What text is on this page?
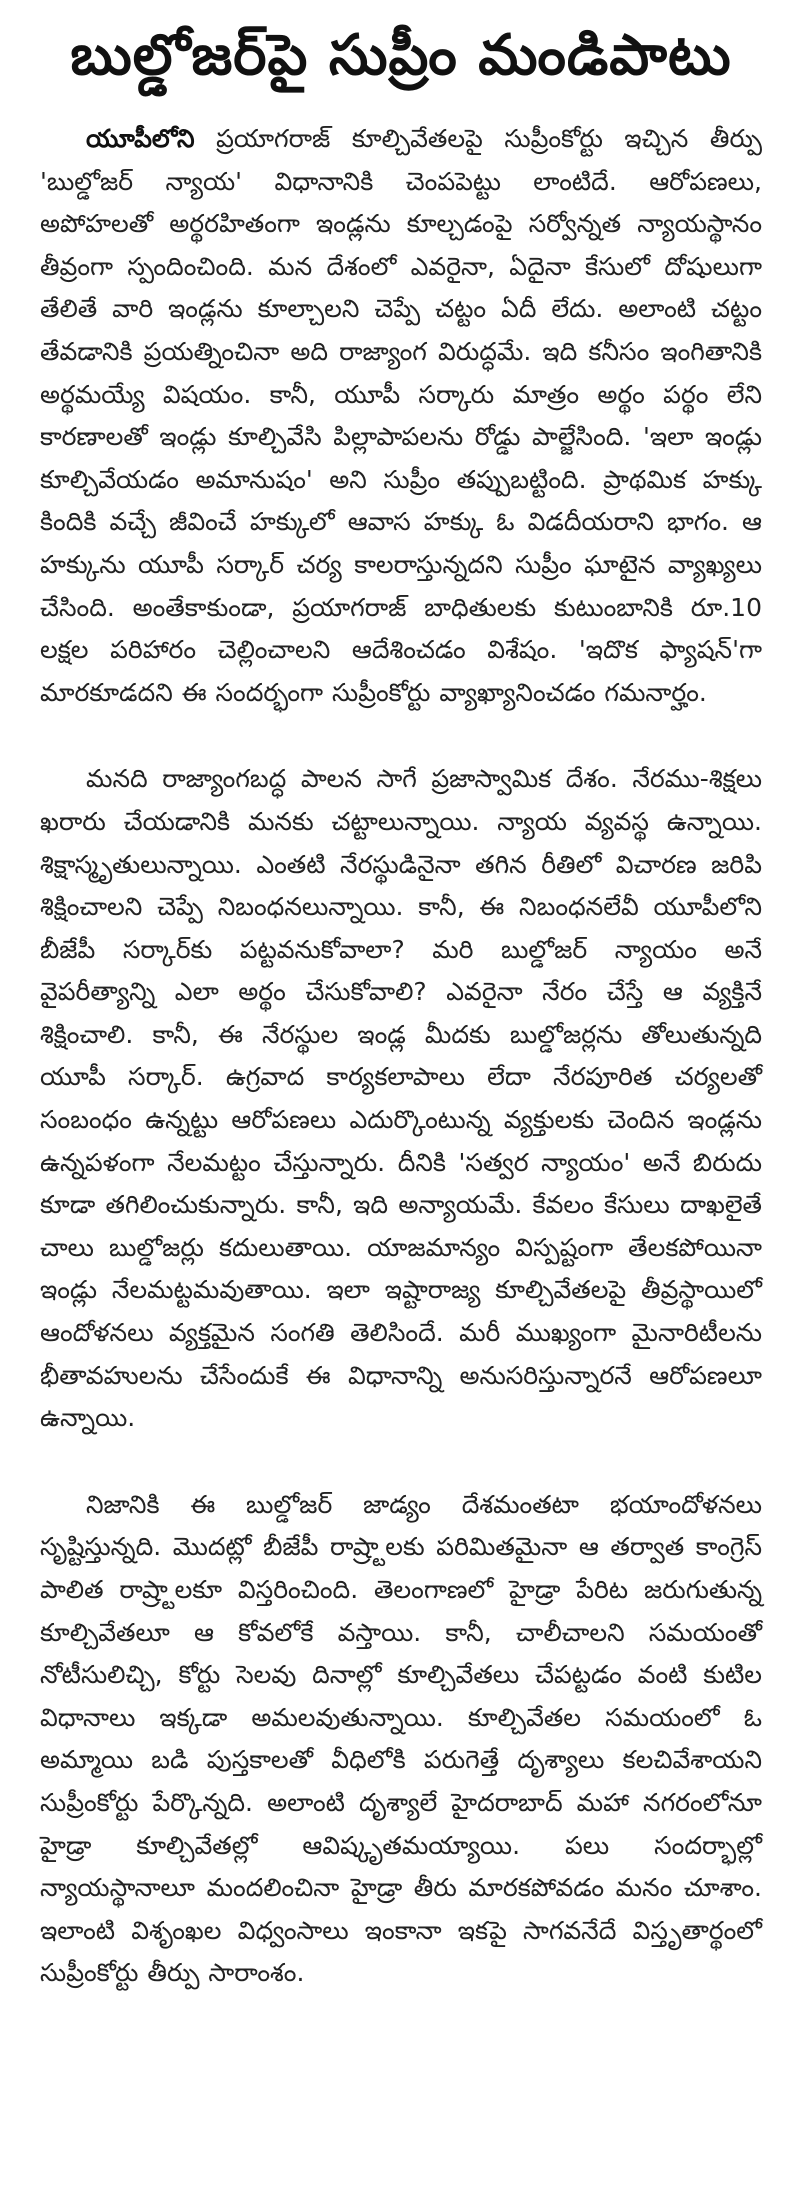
బుల్డోజర్‌పై సుప్రీం మండిపాటు

యూపీలోని ప్రయాగరాజ్ కూల్చివేతలపై సుప్రీంకోర్టు ఇచ్చిన తీర్పు 'బుల్డోజర్ న్యాయ' విధానానికి చెంపపెట్టు లాంటిదే. ఆరోపణలు, అపోహలతో అర్థరహితంగా ఇండ్లను కూల్చడంపై సర్వోన్నత న్యాయస్థానం తీవ్రంగా స్పందించింది. మన దేశంలో ఎవరైనా, ఏదైనా కేసులో దోషులుగా తేలితే వారి ఇండ్లను కూల్చాలని చెప్పే చట్టం ఏదీ లేదు. అలాంటి చట్టం తేవడానికి ప్రయత్నించినా అది రాజ్యాంగ విరుద్ధమే. ఇది కనీసం ఇంగితానికి అర్థమయ్యే విషయం. కానీ, యూపీ సర్కారు మాత్రం అర్థం పర్థం లేని కారణాలతో ఇండ్లు కూల్చివేసి పిల్లాపాపలను రోడ్డు పాల్జేసింది. 'ఇలా ఇండ్లు కూల్చివేయడం అమానుషం' అని సుప్రీం తప్పుబట్టింది. ప్రాథమిక హక్కు కిందికి వచ్చే జీవించే హక్కులో ఆవాస హక్కు ఓ విడదీయరాని భాగం. ఆ హక్కును యూపీ సర్కార్ చర్య కాలరాస్తున్నదని సుప్రీం ఘాటైన వ్యాఖ్యలు చేసింది. అంతేకాకుండా, ప్రయాగరాజ్ బాధితులకు కుటుంబానికి రూ.10 లక్షల పరిహారం చెల్లించాలని ఆదేశించడం విశేషం. 'ఇదొక ఫ్యాషన్'గా మారకూడదని ఈ సందర్భంగా సుప్రీంకోర్టు వ్యాఖ్యానించడం గమనార్హం.

మనది రాజ్యాంగబద్ధ పాలన సాగే ప్రజాస్వామిక దేశం. నేరము-శిక్షలు ఖరారు చేయడానికి మనకు చట్టాలున్నాయి. న్యాయ వ్యవస్థ ఉన్నాయి. శిక్షాస్మృతులున్నాయి. ఎంతటి నేరస్థుడినైనా తగిన రీతిలో విచారణ జరిపి శిక్షించాలని చెప్పే నిబంధనలున్నాయి. కానీ, ఈ నిబంధనలేవీ యూపీలోని బీజేపీ సర్కార్‌కు పట్టవనుకోవాలా? మరి బుల్డోజర్ న్యాయం అనే వైపరీత్యాన్ని ఎలా అర్థం చేసుకోవాలి? ఎవరైనా నేరం చేస్తే ఆ వ్యక్తినే శిక్షించాలి. కానీ, ఈ నేరస్థుల ఇండ్ల మీదకు బుల్డోజర్లను తోలుతున్నది యూపీ సర్కార్. ఉగ్రవాద కార్యకలాపాలు లేదా నేరపూరిత చర్యలతో సంబంధం ఉన్నట్టు ఆరోపణలు ఎదుర్కొంటున్న వ్యక్తులకు చెందిన ఇండ్లను ఉన్నపళంగా నేలమట్టం చేస్తున్నారు. దీనికి 'సత్వర న్యాయం' అనే బిరుదు కూడా తగిలించుకున్నారు. కానీ, ఇది అన్యాయమే. కేవలం కేసులు దాఖలైతే చాలు బుల్డోజర్లు కదులుతాయి. యాజమాన్యం విస్పష్టంగా తేలకపోయినా ఇండ్లు నేలమట్టమవుతాయి. ఇలా ఇష్టారాజ్య కూల్చివేతలపై తీవ్రస్థాయిలో ఆందోళనలు వ్యక్తమైన సంగతి తెలిసిందే. మరీ ముఖ్యంగా మైనారిటీలను భీతావహులను చేసేందుకే ఈ విధానాన్ని అనుసరిస్తున్నారనే ఆరోపణలూ ఉన్నాయి.

నిజానికి ఈ బుల్డోజర్ జాడ్యం దేశమంతటా భయాందోళనలు సృష్టిస్తున్నది. మొదట్లో బీజేపీ రాష్ర్టాలకు పరిమితమైనా ఆ తర్వాత కాంగ్రెస్ పాలిత రాష్ర్టాలకూ విస్తరించింది. తెలంగాణలో హైడ్రా పేరిట జరుగుతున్న కూల్చివేతలూ ఆ కోవలోకే వస్తాయి. కానీ, చాలీచాలని సమయంతో నోటీసులిచ్చి, కోర్టు సెలవు దినాల్లో కూల్చివేతలు చేపట్టడం వంటి కుటిల విధానాలు ఇక్కడా అమలవుతున్నాయి. కూల్చివేతల సమయంలో ఓ అమ్మాయి బడి పుస్తకాలతో వీధిలోకి పరుగెత్తే దృశ్యాలు కలచివేశాయని సుప్రీంకోర్టు పేర్కొన్నది. అలాంటి దృశ్యాలే హైదరాబాద్ మహా నగరంలోనూ హైడ్రా కూల్చివేతల్లో ఆవిష్కృతమయ్యాయి. పలు సందర్భాల్లో న్యాయస్థానాలూ మందలించినా హైడ్రా తీరు మారకపోవడం మనం చూశాం. ఇలాంటి విశృంఖల విధ్వంసాలు ఇంకానా ఇకపై సాగవనేదే విస్తృతార్థంలో సుప్రీంకోర్టు తీర్పు సారాంశం.
